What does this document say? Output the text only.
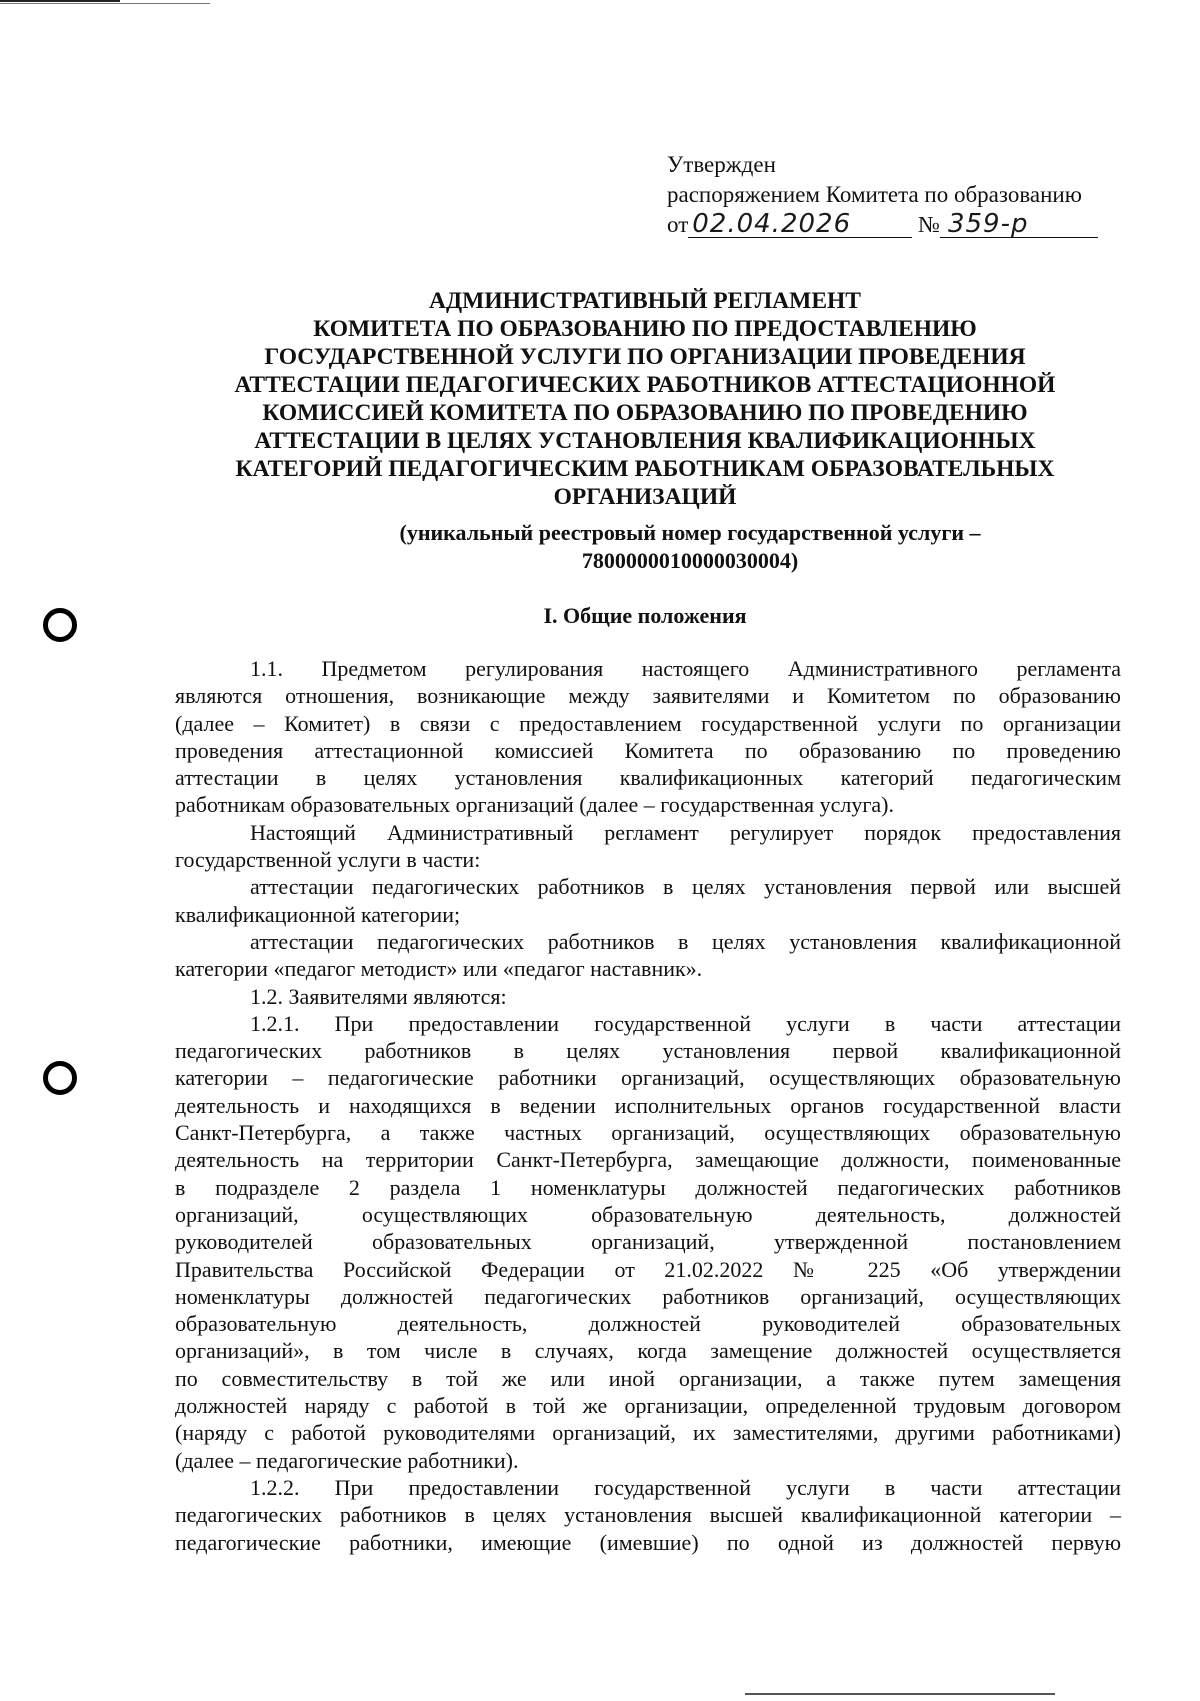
Утвержден
распоряжением Комитета по образованию
от 02.04.2026	№ 359-р
АДМИНИСТРАТИВНЫЙ РЕГЛАМЕНТ
КОМИТЕТА ПО ОБРАЗОВАНИЮ ПО ПРЕДОСТАВЛЕНИЮ
ГОСУДАРСТВЕННОЙ УСЛУГИ ПО ОРГАНИЗАЦИИ ПРОВЕДЕНИЯ
АТТЕСТАЦИИ ПЕДАГОГИЧЕСКИХ РАБОТНИКОВ АТТЕСТАЦИОННОЙ
КОМИССИЕЙ КОМИТЕТА ПО ОБРАЗОВАНИЮ ПО ПРОВЕДЕНИЮ
АТТЕСТАЦИИ В ЦЕЛЯХ УСТАНОВЛЕНИЯ КВАЛИФИКАЦИОННЫХ
КАТЕГОРИЙ ПЕДАГОГИЧЕСКИМ РАБОТНИКАМ ОБРАЗОВАТЕЛЬНЫХ
ОРГАНИЗАЦИЙ
(уникальный реестровый номер государственной услуги –
7800000010000030004)
I. Общие положения
1.1. Предметом регулирования настоящего Административного регламента
являются отношения, возникающие между заявителями и Комитетом по образованию
(далее – Комитет) в связи с предоставлением государственной услуги по организации
проведения аттестационной комиссией Комитета по образованию по проведению
аттестации в целях установления квалификационных категорий педагогическим
работникам образовательных организаций (далее – государственная услуга).
Настоящий Административный регламент регулирует порядок предоставления
государственной услуги в части:
аттестации педагогических работников в целях установления первой или высшей
квалификационной категории;
аттестации педагогических работников в целях установления квалификационной
категории «педагог методист» или «педагог наставник».
1.2. Заявителями являются:
1.2.1. При предоставлении государственной услуги в части аттестации
педагогических работников в целях установления первой квалификационной
категории – педагогические работники организаций, осуществляющих образовательную
деятельность и находящихся в ведении исполнительных органов государственной власти
Санкт-Петербурга, а также частных организаций, осуществляющих образовательную
деятельность на территории Санкт-Петербурга, замещающие должности, поименованные
в подразделе 2 раздела 1 номенклатуры должностей педагогических работников
организаций, осуществляющих образовательную деятельность, должностей
руководителей образовательных организаций, утвержденной постановлением
Правительства Российской Федерации от 21.02.2022 № 225 «Об утверждении
номенклатуры должностей педагогических работников организаций, осуществляющих
образовательную деятельность, должностей руководителей образовательных
организаций», в том числе в случаях, когда замещение должностей осуществляется
по совместительству в той же или иной организации, а также путем замещения
должностей наряду с работой в той же организации, определенной трудовым договором
(наряду с работой руководителями организаций, их заместителями, другими работниками)
(далее – педагогические работники).
1.2.2. При предоставлении государственной услуги в части аттестации
педагогических работников в целях установления высшей квалификационной категории –
педагогические работники, имеющие (имевшие) по одной из должностей первую
